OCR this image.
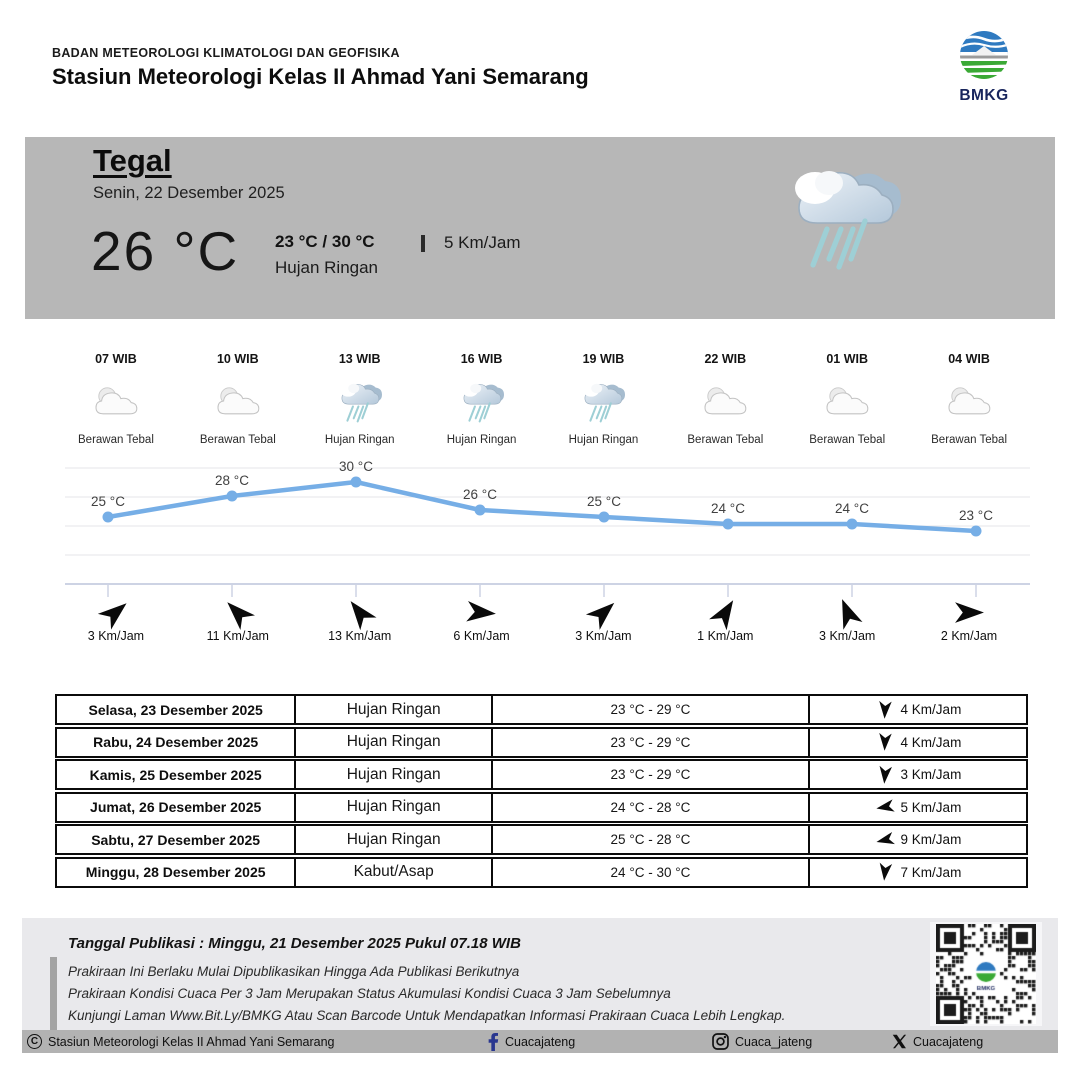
BADAN METEOROLOGI KLIMATOLOGI DAN GEOFISIKA
Stasiun Meteorologi Kelas II Ahmad Yani Semarang
BMKG
Tegal
Senin, 22 Desember 2025
26 °C 23 °C / 30 °C
Hujan Ringan
5 Km/Jam
07 WIB
Berawan Tebal
10 WIB
Berawan Tebal
13 WIB
Hujan Ringan
16 WIB
Hujan Ringan
19 WIB
Hujan Ringan
22 WIB
Berawan Tebal
01 WIB
Berawan Tebal
04 WIB
Berawan Tebal
25 °C
28 °C
30 °C
26 °C	25 °C	24 °C	24 °C	23 °C
3 Km/Jam	11 Km/Jam	13 Km/Jam	6 Km/Jam	3 Km/Jam	1 Km/Jam	3 Km/Jam	2 Km/Jam
Selasa, 23 Desember 2025	Hujan Ringan	23 °C - 29 °C	4 Km/Jam
Rabu, 24 Desember 2025	Hujan Ringan	23 °C - 29 °C	4 Km/Jam
Kamis, 25 Desember 2025	Hujan Ringan	23 °C - 29 °C	3 Km/Jam
Jumat, 26 Desember 2025	Hujan Ringan	24 °C - 28 °C	5 Km/Jam
Sabtu, 27 Desember 2025	Hujan Ringan	25 °C - 28 °C	9 Km/Jam
Minggu, 28 Desember 2025	Kabut/Asap	24 °C - 30 °C	7 Km/Jam
Tanggal Publikasi : Minggu, 21 Desember 2025 Pukul 07.18 WIB
Prakiraan Ini Berlaku Mulai Dipublikasikan Hingga Ada Publikasi Berikutnya
Prakiraan Kondisi Cuaca Per 3 Jam Merupakan Status Akumulasi Kondisi Cuaca 3 Jam Sebelumnya
Kunjungi Laman Www.Bit.Ly/BMKG Atau Scan Barcode Untuk Mendapatkan Informasi Prakiraan Cuaca Lebih Lengkap.
C Stasiun Meteorologi Kelas II Ahmad Yani Semarang	Cuacajateng	Cuaca_jateng	Cuacajateng
